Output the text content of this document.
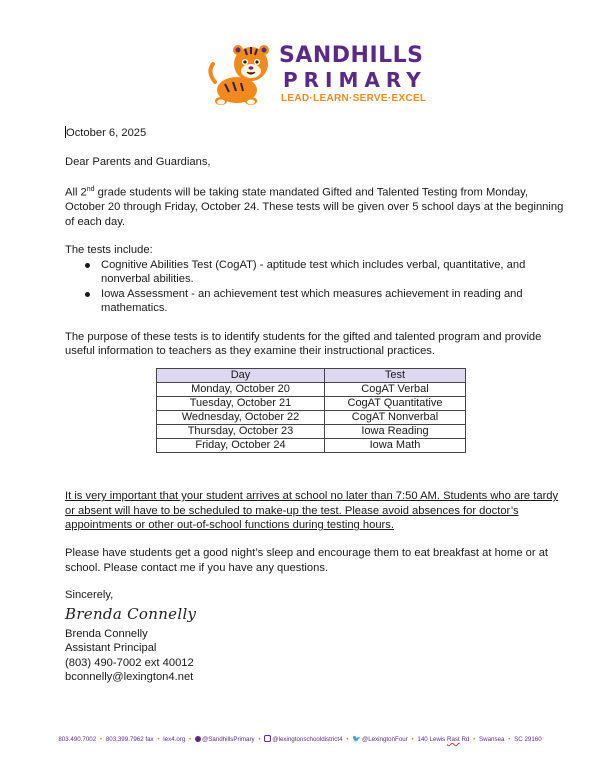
SANDHILLS
PRIMARY
LEAD·LEARN·SERVE·EXCEL

October 6, 2025

Dear Parents and Guardians,

All 2nd grade students will be taking state mandated Gifted and Talented Testing from Monday, October 20 through Friday, October 24. These tests will be given over 5 school days at the beginning of each day.

The tests include:

Cognitive Abilities Test (CogAT) - aptitude test which includes verbal, quantitative, and nonverbal abilities.
Iowa Assessment - an achievement test which measures achievement in reading and mathematics.

The purpose of these tests is to identify students for the gifted and talented program and provide useful information to teachers as they examine their instructional practices.

Day	Test
Monday, October 20	CogAT Verbal
Tuesday, October 21	CogAT Quantitative
Wednesday, October 22	CogAT Nonverbal
Thursday, October 23	Iowa Reading
Friday, October 24	Iowa Math

It is very important that your student arrives at school no later than 7:50 AM. Students who are tardy or absent will have to be scheduled to make-up the test. Please avoid absences for doctor’s appointments or other out-of-school functions during testing hours.

Please have students get a good night’s sleep and encourage them to eat breakfast at home or at school. Please contact me if you have any questions.

Sincerely,
Brenda Connelly
Brenda Connelly
Assistant Principal
(803) 490-7002 ext 40012
bconnelly@lexington4.net
803.490.7002 • 803.399.7962 fax • lex4.org • @SandhillsPrimary • @lexingtonschooldistrict4 • 🐦@LexingtonFour • 140 Lewis Rast Rd • Swansea • SC 29160
